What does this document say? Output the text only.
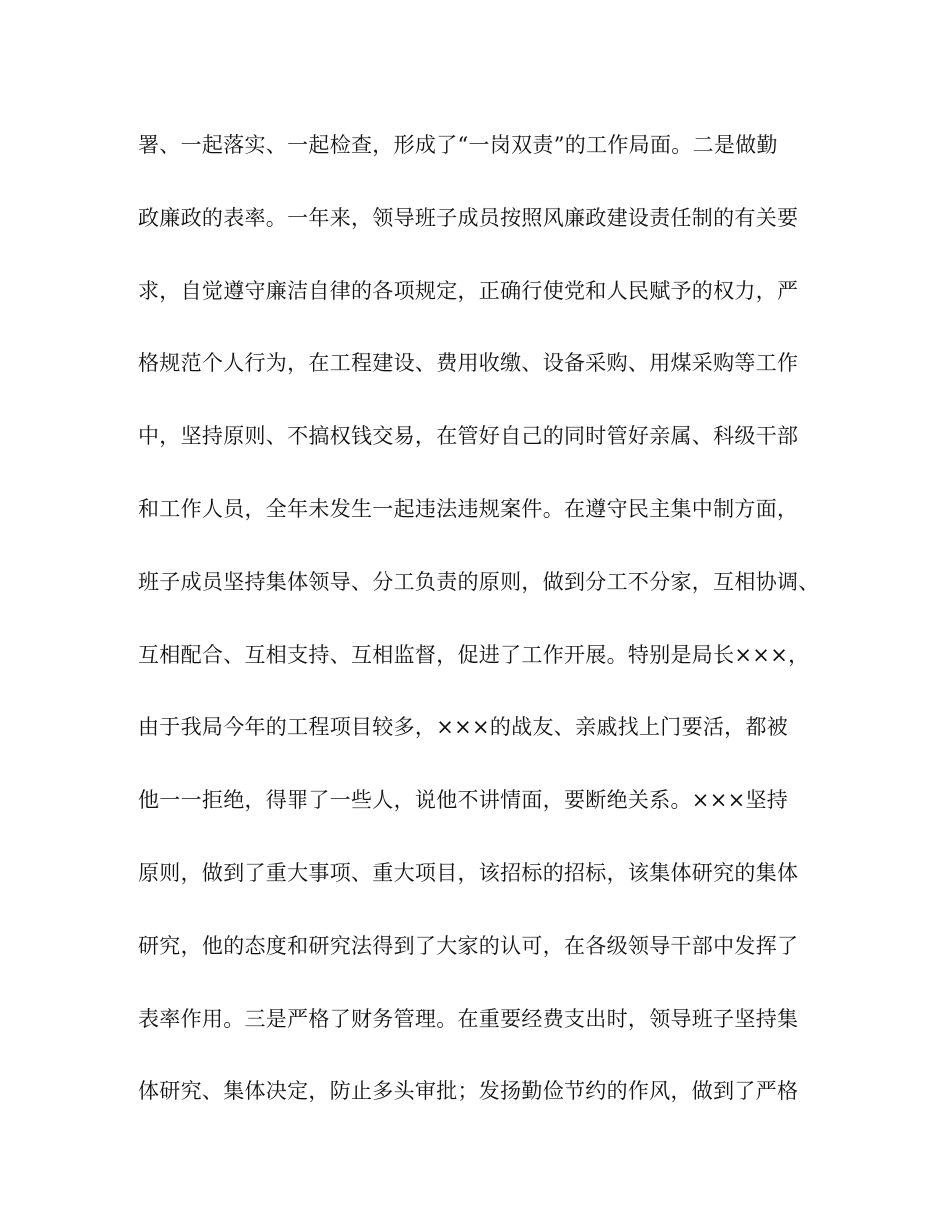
署、一起落实、一起检查，形成了“一岗双责”的工作局面。二是做勤
政廉政的表率。一年来，领导班子成员按照风廉政建设责任制的有关要
求，自觉遵守廉洁自律的各项规定，正确行使党和人民赋予的权力，严
格规范个人行为，在工程建设、费用收缴、设备采购、用煤采购等工作
中，坚持原则、不搞权钱交易，在管好自己的同时管好亲属、科级干部
和工作人员，全年未发生一起违法违规案件。在遵守民主集中制方面，
班子成员坚持集体领导、分工负责的原则，做到分工不分家，互相协调、
互相配合、互相支持、互相监督，促进了工作开展。特别是局长×××，
由于我局今年的工程项目较多，×××的战友、亲戚找上门要活，都被
他一一拒绝，得罪了一些人，说他不讲情面，要断绝关系。×××坚持
原则，做到了重大事项、重大项目，该招标的招标，该集体研究的集体
研究，他的态度和研究法得到了大家的认可，在各级领导干部中发挥了
表率作用。三是严格了财务管理。在重要经费支出时，领导班子坚持集
体研究、集体决定，防止多头审批；发扬勤俭节约的作风，做到了严格
